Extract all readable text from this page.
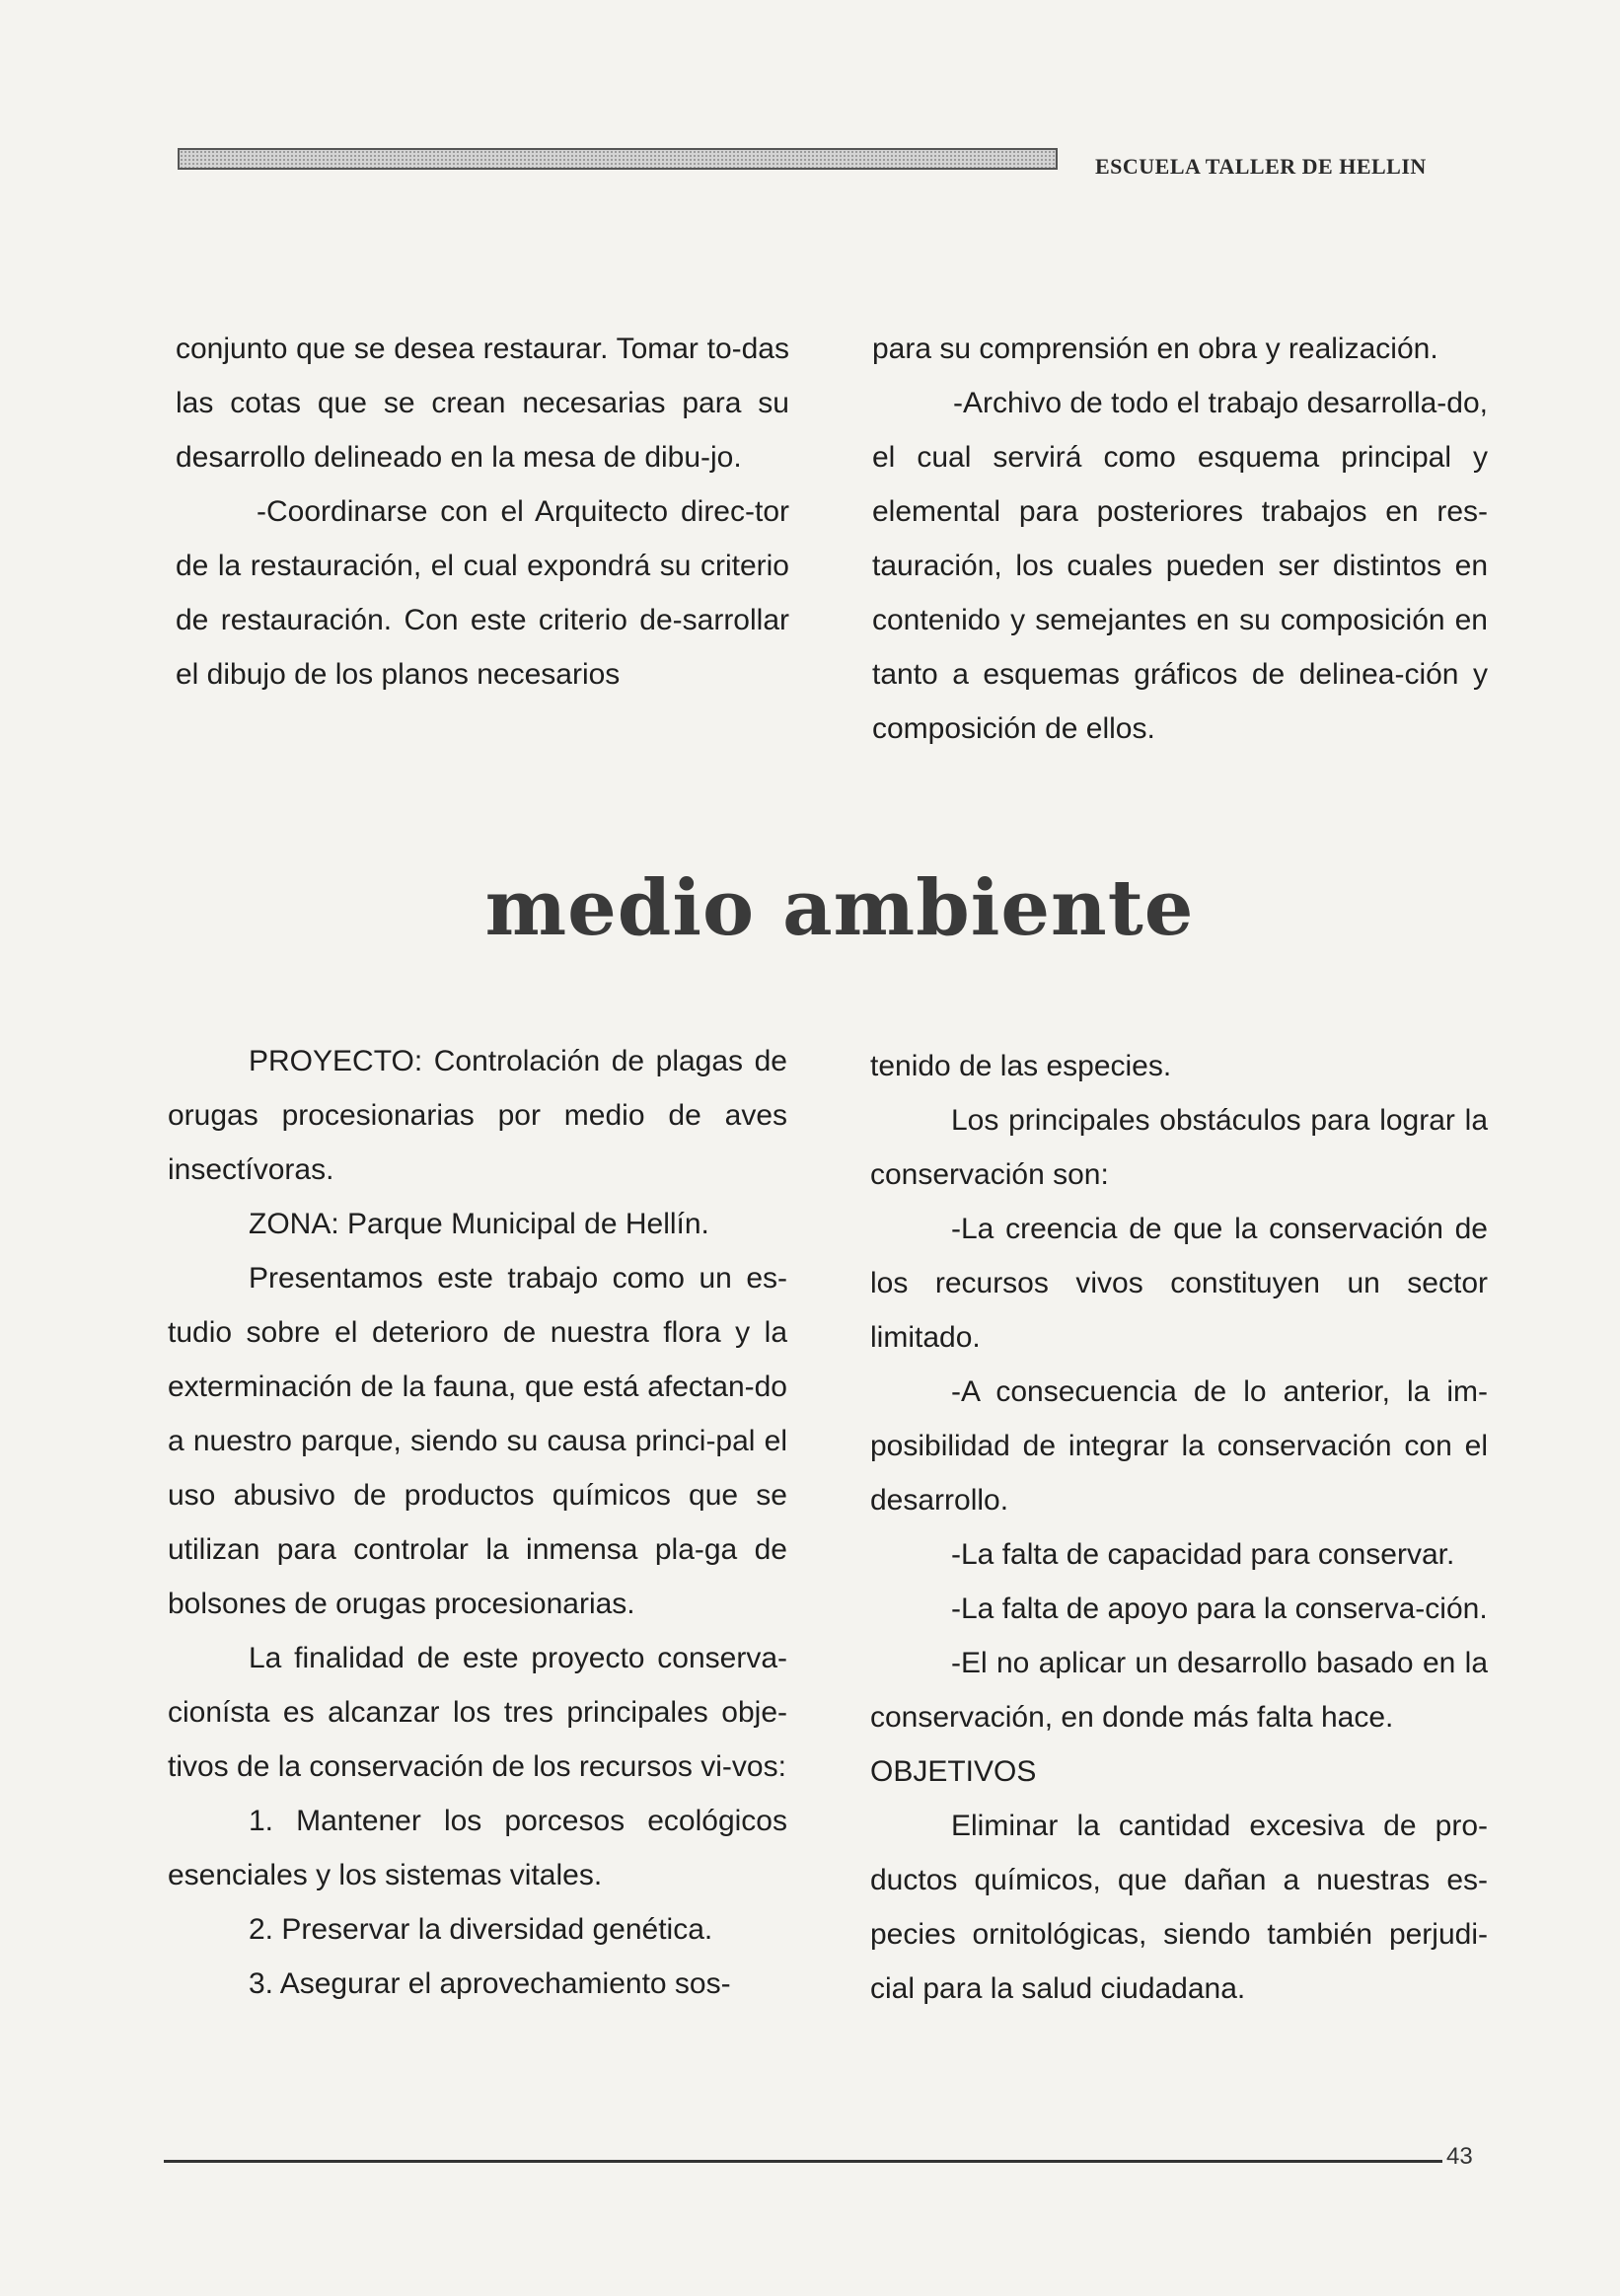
ESCUELA TALLER DE HELLIN

conjunto que se desea restaurar. Tomar to-das las cotas que se crean necesarias para su desarrollo delineado en la mesa de dibu-jo.

-Coordinarse con el Arquitecto direc-tor de la restauración, el cual expondrá su criterio de restauración. Con este criterio de-sarrollar el dibujo de los planos necesarios

para su comprensión en obra y realización.

-Archivo de todo el trabajo desarrolla-do, el cual servirá como esquema principal y elemental para posteriores trabajos en res-tauración, los cuales pueden ser distintos en contenido y semejantes en su composición en tanto a esquemas gráficos de delinea-ción y composición de ellos.

medio ambiente

PROYECTO: Controlación de plagas de orugas procesionarias por medio de aves insectívoras.

ZONA: Parque Municipal de Hellín.

Presentamos este trabajo como un es-tudio sobre el deterioro de nuestra flora y la exterminación de la fauna, que está afectan-do a nuestro parque, siendo su causa princi-pal el uso abusivo de productos químicos que se utilizan para controlar la inmensa pla-ga de bolsones de orugas procesionarias.

La finalidad de este proyecto conserva-cionísta es alcanzar los tres principales obje-tivos de la conservación de los recursos vi-vos:

1. Mantener los porcesos ecológicos esenciales y los sistemas vitales.

2. Preservar la diversidad genética.

3. Asegurar el aprovechamiento sos-

tenido de las especies.

Los principales obstáculos para lograr la conservación son:

-La creencia de que la conservación de los recursos vivos constituyen un sector limitado.

-A consecuencia de lo anterior, la im-posibilidad de integrar la conservación con el desarrollo.

-La falta de capacidad para conservar.

-La falta de apoyo para la conserva-ción.

-El no aplicar un desarrollo basado en la conservación, en donde más falta hace.

OBJETIVOS

Eliminar la cantidad excesiva de pro-ductos químicos, que dañan a nuestras es-pecies ornitológicas, siendo también perjudi-cial para la salud ciudadana.

43
